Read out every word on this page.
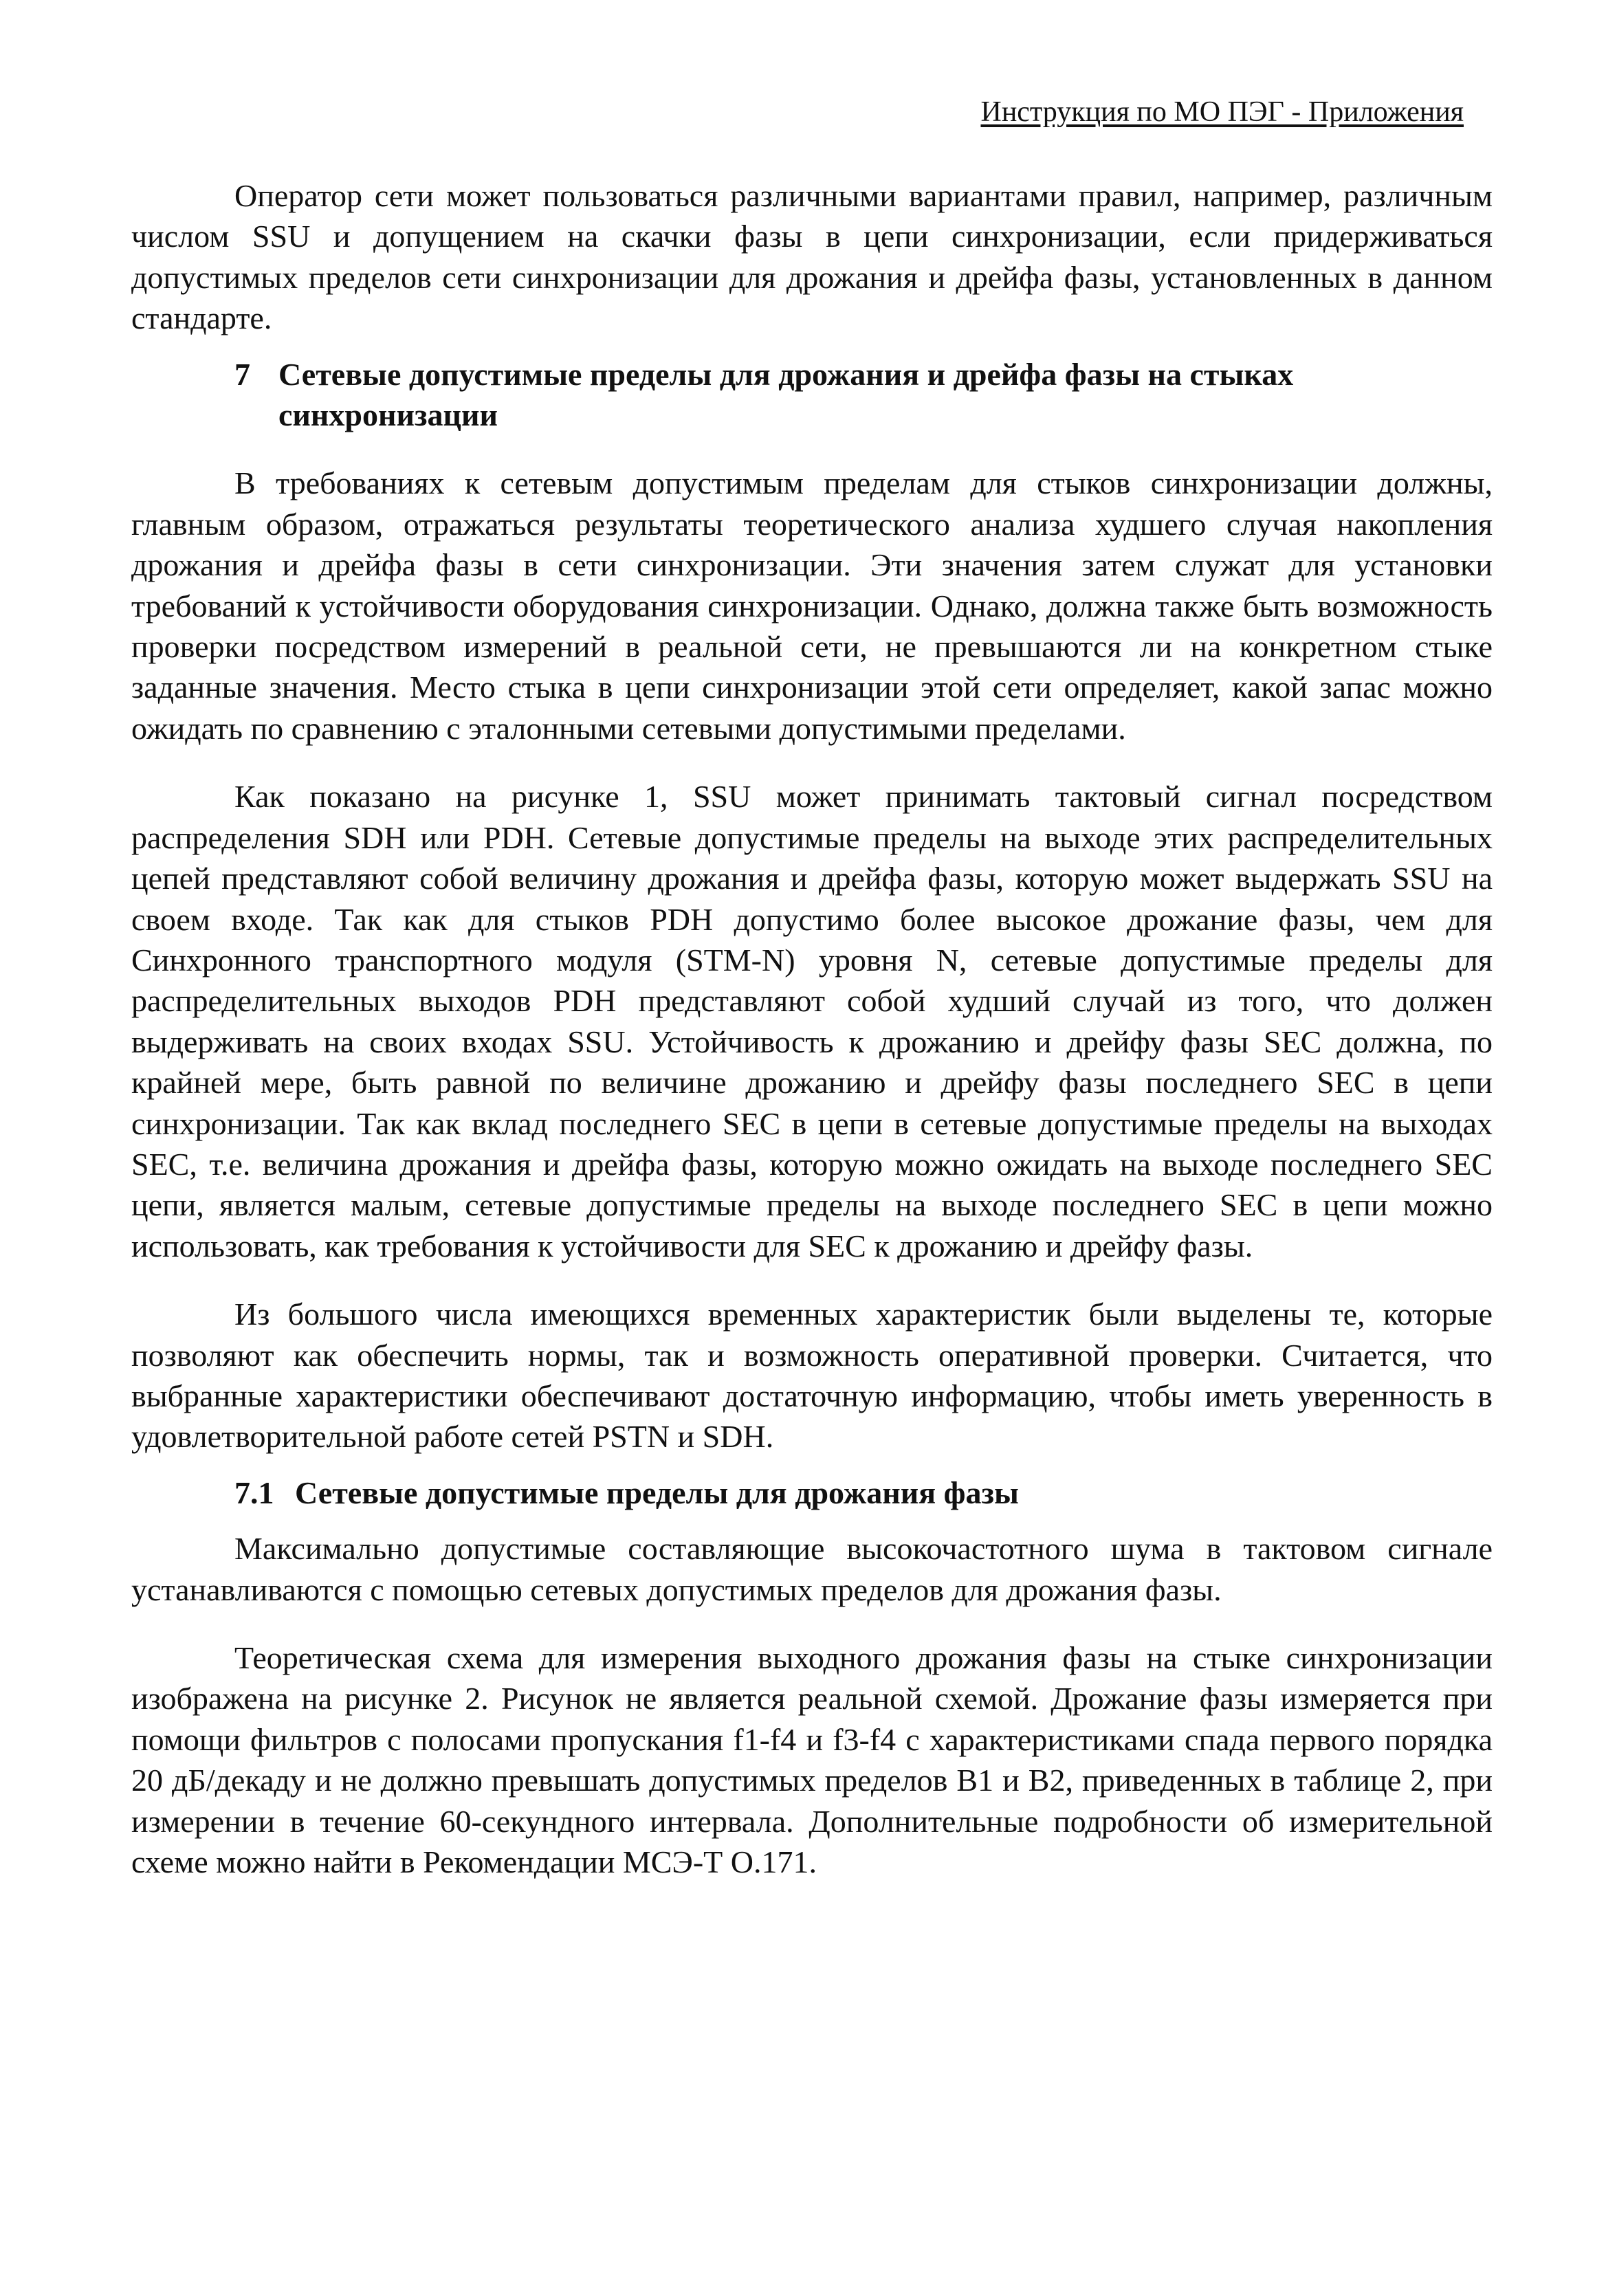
Инструкция по МО ПЭГ - Приложения

Оператор сети может пользоваться различными вариантами правил, например, различным числом SSU и допущением на скачки фазы в цепи синхронизации, если придерживаться допустимых пределов сети синхронизации для дрожания и дрейфа фазы, установленных в данном стандарте.

7 Сетевые допустимые пределы для дрожания и дрейфа фазы на стыках синхронизации

В требованиях к сетевым допустимым пределам для стыков синхронизации должны, главным образом, отражаться результаты теоретического анализа худшего случая накопления дрожания и дрейфа фазы в сети синхронизации. Эти значения затем служат для установки требований к устойчивости оборудования синхронизации. Однако, должна также быть возможность проверки посредством измерений в реальной сети, не превышаются ли на конкретном стыке заданные значения. Место стыка в цепи синхронизации этой сети определяет, какой запас можно ожидать по сравнению с эталонными сетевыми допустимыми пределами.

Как показано на рисунке 1, SSU может принимать тактовый сигнал посредством распределения SDH или PDH. Сетевые допустимые пределы на выходе этих распределительных цепей представляют собой величину дрожания и дрейфа фазы, которую может выдержать SSU на своем входе. Так как для стыков PDH допустимо более высокое дрожание фазы, чем для Синхронного транспортного модуля (STM-N) уровня N, сетевые допустимые пределы для распределительных выходов PDH представляют собой худший случай из того, что должен выдерживать на своих входах SSU. Устойчивость к дрожанию и дрейфу фазы SEC должна, по крайней мере, быть равной по величине дрожанию и дрейфу фазы последнего SEC в цепи синхронизации. Так как вклад последнего SEC в цепи в сетевые допустимые пределы на выходах SEC, т.е. величина дрожания и дрейфа фазы, которую можно ожидать на выходе последнего SEC цепи, является малым, сетевые допустимые пределы на выходе последнего SEC в цепи можно использовать, как требования к устойчивости для SEC к дрожанию и дрейфу фазы.

Из большого числа имеющихся временных характеристик были выделены те, которые позволяют как обеспечить нормы, так и возможность оперативной проверки. Считается, что выбранные характеристики обеспечивают достаточную информацию, чтобы иметь уверенность в удовлетворительной работе сетей PSTN и SDH.

7.1 Сетевые допустимые пределы для дрожания фазы

Максимально допустимые составляющие высокочастотного шума в тактовом сигнале устанавливаются с помощью сетевых допустимых пределов для дрожания фазы.

Теоретическая схема для измерения выходного дрожания фазы на стыке синхронизации изображена на рисунке 2. Рисунок не является реальной схемой. Дрожание фазы измеряется при помощи фильтров с полосами пропускания f1-f4 и f3-f4 с характеристиками спада первого порядка 20 дБ/декаду и не должно превышать допустимых пределов B1 и B2, приведенных в таблице 2, при измерении в течение 60-секундного интервала. Дополнительные подробности об измерительной схеме можно найти в Рекомендации МСЭ-Т O.171.
